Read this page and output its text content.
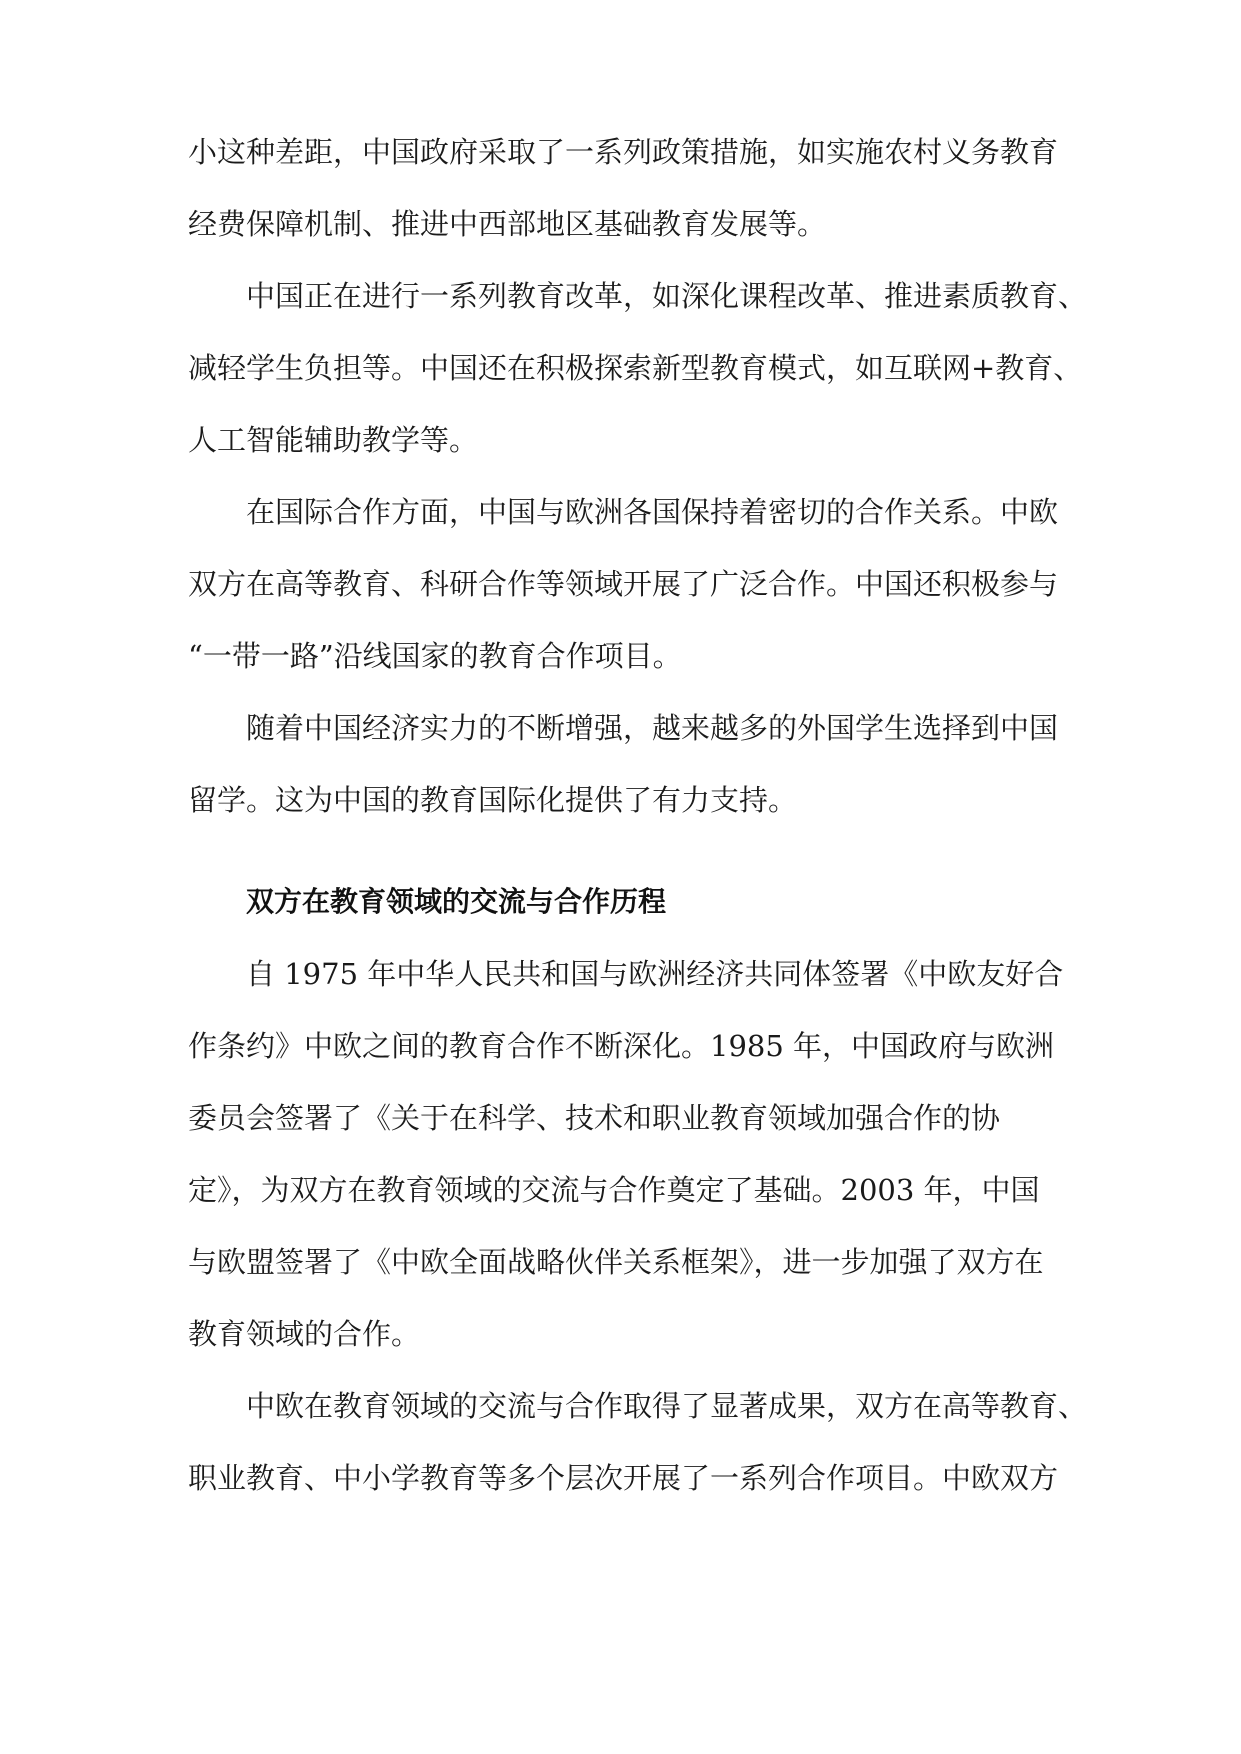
小这种差距，中国政府采取了一系列政策措施，如实施农村义务教育
经费保障机制、推进中西部地区基础教育发展等。
中国正在进行一系列教育改革，如深化课程改革、推进素质教育、
减轻学生负担等。中国还在积极探索新型教育模式，如互联网+教育、
人工智能辅助教学等。
在国际合作方面，中国与欧洲各国保持着密切的合作关系。中欧
双方在高等教育、科研合作等领域开展了广泛合作。中国还积极参与
“一带一路”沿线国家的教育合作项目。
随着中国经济实力的不断增强，越来越多的外国学生选择到中国
留学。这为中国的教育国际化提供了有力支持。
双方在教育领域的交流与合作历程
自 1975 年中华人民共和国与欧洲经济共同体签署《中欧友好合
作条约》中欧之间的教育合作不断深化。1985 年，中国政府与欧洲
委员会签署了《关于在科学、技术和职业教育领域加强合作的协
定》，为双方在教育领域的交流与合作奠定了基础。2003 年，中国
与欧盟签署了《中欧全面战略伙伴关系框架》，进一步加强了双方在
教育领域的合作。
中欧在教育领域的交流与合作取得了显著成果，双方在高等教育、
职业教育、中小学教育等多个层次开展了一系列合作项目。中欧双方
